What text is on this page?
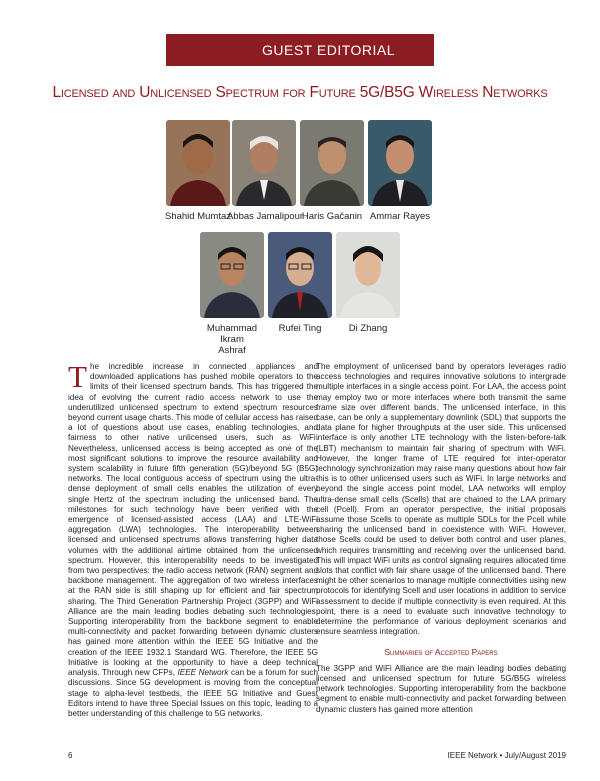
GUEST EDITORIAL
Licensed and Unlicensed Spectrum for Future 5G/B5G Wireless Networks
Shahid Mumtaz
Abbas Jamalipour
Haris Gačanin Ammar Rayes
Muhammad Ikram
Ashraf
Rufei Ting	Di Zhang

The incredible increase in connected appliances and downloaded applications has pushed mobile operators to the limits of their licensed spectrum bands. This has triggered the idea of evolving the current radio access network to use the underutilized unlicensed spectrum to extend spectrum resources beyond current usage charts. This mode of cellular access has raised a lot of questions about use cases, enabling technologies, and fairness to other native unlicensed users, such as WiFi. Nevertheless, unlicensed access is being accepted as one of the most significant solutions to improve the resource availability and system scalability in future fifth generation (5G)/beyond 5G (B5G) networks. The local contiguous access of spectrum using the ultra-dense deployment of small cells enables the utilization of every single Hertz of the spectrum including the unlicensed band. The milestones for such technology have been verified with the emergence of licensed-assisted access (LAA) and LTE-WiFi aggregation (LWA) technologies. The interoperability between licensed and unlicensed spectrums allows transferring higher data volumes with the additional airtime obtained from the unlicensed spectrum. However, this interoperability needs to be investigated from two perspectives: the radio access network (RAN) segment and backbone management. The aggregation of two wireless interfaces at the RAN side is still shaping up for efficient and fair spectrum sharing. The Third Generation Partnership Project (3GPP) and WiFi Alliance are the main leading bodies debating such technologies. Supporting interoperability from the backbone segment to enable multi-connectivity and packet forwarding between dynamic clusters has gained more attention within the IEEE 5G Initiative and the creation of the IEEE 1932.1 Standard WG. Therefore, the IEEE 5G Initiative is looking at the opportunity to have a deep technical analysis. Through new CFPs, IEEE Network can be a forum for such discussions. Since 5G development is moving from the conceptual stage to alpha-level testbeds, the IEEE 5G Initiative and Guest Editors intend to have three Special Issues on this topic, leading to a better understanding of this challenge to 5G networks.

The employment of unlicensed band by operators leverages radio access technologies and requires innovative solutions to intergrade multiple interfaces in a single access point. For LAA, the access point may employ two or more interfaces where both transmit the same frame size over different bands. The unlicensed interface, in this case, can be only a supplementary downlink (SDL) that supports the data plane for higher throughputs at the user side. This unlicensed interface is only another LTE technology with the listen-before-talk (LBT) mechanism to maintain fair sharing of spectrum with WiFi. However, the longer frame of LTE required for inter-operator technology synchronization may raise many questions about how fair this is to other unlicensed users such as WiFi. In large networks and beyond the single access point model, LAA networks will employ ultra-dense small cells (Scells) that are chained to the LAA primary cell (Pcell). From an operator perspective, the initial proposals assume those Scells to operate as multiple SDLs for the Pcell while sharing the unlicensed band in coexistence with WiFi. However, those Scells could be used to deliver both control and user planes, which requires transmitting and receiving over the unlicensed band. This will impact WiFi units as control signaling requires allocated time slots that conflict with fair share usage of the unlicensed band. There might be other scenarios to manage multiple connectivities using new protocols for identifying Scell and user locations in addition to service assessment to decide if multiple connectivity is even required. At this point, there is a need to evaluate such innovative technology to determine the performance of various deployment scenarios and ensure seamless integration.

Summaries of Accepted Papers

The 3GPP and WiFi Alliance are the main leading bodies debating licensed and unlicensed spectrum for future 5G/B5G wireless network technologies. Supporting interoperability from the backbone segment to enable multi-connectivity and packet forwarding between dynamic clusters has gained more attention

6	IEEE Network • July/August 2019
